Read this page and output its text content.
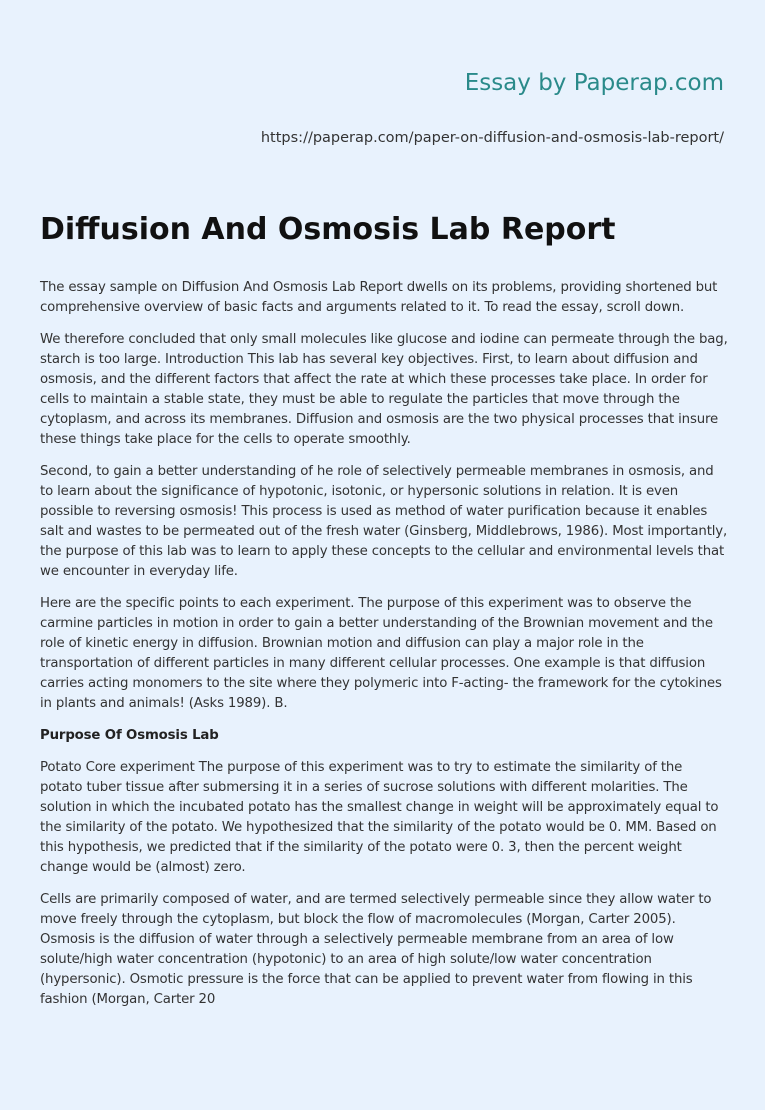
Essay by Paperap.com
https://paperap.com/paper-on-diffusion-and-osmosis-lab-report/
Diffusion And Osmosis Lab Report

The essay sample on Diffusion And Osmosis Lab Report dwells on its problems, providing shortened but comprehensive overview of basic facts and arguments related to it. To read the essay, scroll down.

We therefore concluded that only small molecules like glucose and iodine can permeate through the bag, starch is too large. Introduction This lab has several key objectives. First, to learn about diffusion and osmosis, and the different factors that affect the rate at which these processes take place. In order for cells to maintain a stable state, they must be able to regulate the particles that move through the cytoplasm, and across its membranes. Diffusion and osmosis are the two physical processes that insure these things take place for the cells to operate smoothly.

Second, to gain a better understanding of he role of selectively permeable membranes in osmosis, and to learn about the significance of hypotonic, isotonic, or hypersonic solutions in relation. It is even possible to reversing osmosis! This process is used as method of water purification because it enables salt and wastes to be permeated out of the fresh water (Ginsberg, Middlebrows, 1986). Most importantly, the purpose of this lab was to learn to apply these concepts to the cellular and environmental levels that we encounter in everyday life.

Here are the specific points to each experiment. The purpose of this experiment was to observe the carmine particles in motion in order to gain a better understanding of the Brownian movement and the role of kinetic energy in diffusion. Brownian motion and diffusion can play a major role in the transportation of different particles in many different cellular processes. One example is that diffusion carries acting monomers to the site where they polymeric into F-acting- the framework for the cytokines in plants and animals! (Asks 1989). B.

Purpose Of Osmosis Lab

Potato Core experiment The purpose of this experiment was to try to estimate the similarity of the potato tuber tissue after submersing it in a series of sucrose solutions with different molarities. The solution in which the incubated potato has the smallest change in weight will be approximately equal to the similarity of the potato. We hypothesized that the similarity of the potato would be 0. MM. Based on this hypothesis, we predicted that if the similarity of the potato were 0. 3, then the percent weight change would be (almost) zero.

Cells are primarily composed of water, and are termed selectively permeable since they allow water to move freely through the cytoplasm, but block the flow of macromolecules (Morgan, Carter 2005). Osmosis is the diffusion of water through a selectively permeable membrane from an area of low solute/high water concentration (hypotonic) to an area of high solute/low water concentration (hypersonic). Osmotic pressure is the force that can be applied to prevent water from flowing in this fashion (Morgan, Carter 20
